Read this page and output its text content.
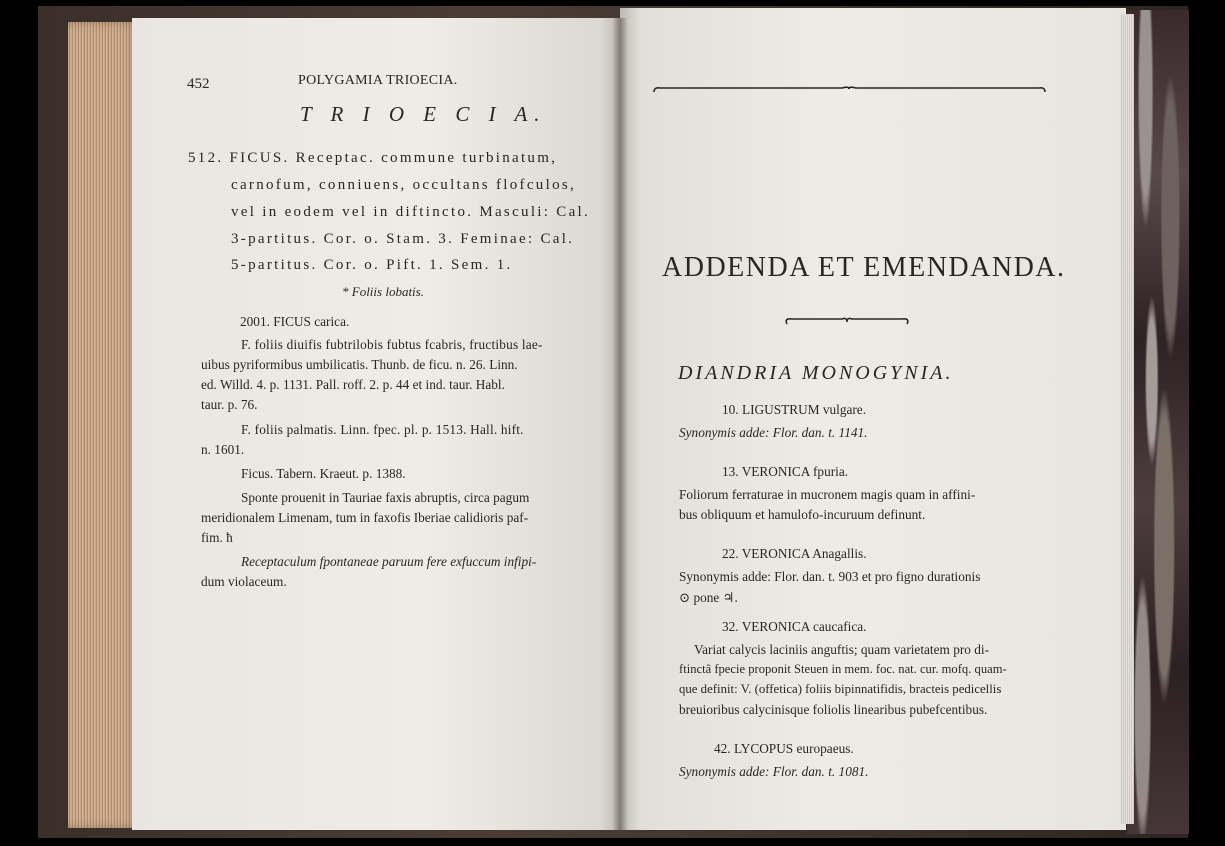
452	POLYGAMIA TRIOECIA.
T R I O E C I A.
512. FICUS. Receptac. commune turbinatum,
carnofum, conniuens, occultans flofculos,
vel in eodem vel in diftincto. Masculi: Cal.
3-partitus. Cor. o. Stam. 3. Feminae: Cal.
5-partitus. Cor. o. Pift. 1. Sem. 1.
* Foliis lobatis.
2001. FICUS carica.
F. foliis diuifis fubtrilobis fubtus fcabris, fructibus lae-
uibus pyriformibus umbilicatis. Thunb. de ficu. n. 26. Linn.
ed. Willd. 4. p. 1131. Pall. roff. 2. p. 44 et ind. taur. Habl.
taur. p. 76.
F. foliis palmatis. Linn. fpec. pl. p. 1513. Hall. hift.
n. 1601.
Ficus. Tabern. Kraeut. p. 1388.
Sponte prouenit in Tauriae faxis abruptis, circa pagum
meridionalem Limenam, tum in faxofis Iberiae calidioris paf-
fim. ħ
Receptaculum fpontaneae paruum fere exfuccum infipi-
dum violaceum.
ADDENDA ET EMENDANDA.
DIANDRIA MONOGYNIA.
10. LIGUSTRUM vulgare.
Synonymis adde: Flor. dan. t. 1141.
13. VERONICA fpuria.
Foliorum ferraturae in mucronem magis quam in affini-
bus obliquum et hamulofo-incuruum definunt.
22. VERONICA Anagallis.
Synonymis adde: Flor. dan. t. 903 et pro figno durationis
⊙ pone ♃.
32. VERONICA caucafica.
Variat calycis laciniis anguftis; quam varietatem pro di-
ftinctâ fpecie proponit Steuen in mem. foc. nat. cur. mofq. quam-
que definit: V. (offetica) foliis bipinnatifidis, bracteis pedicellis
breuioribus calycinisque foliolis linearibus pubefcentibus.
42. LYCOPUS europaeus.
Synonymis adde: Flor. dan. t. 1081.
